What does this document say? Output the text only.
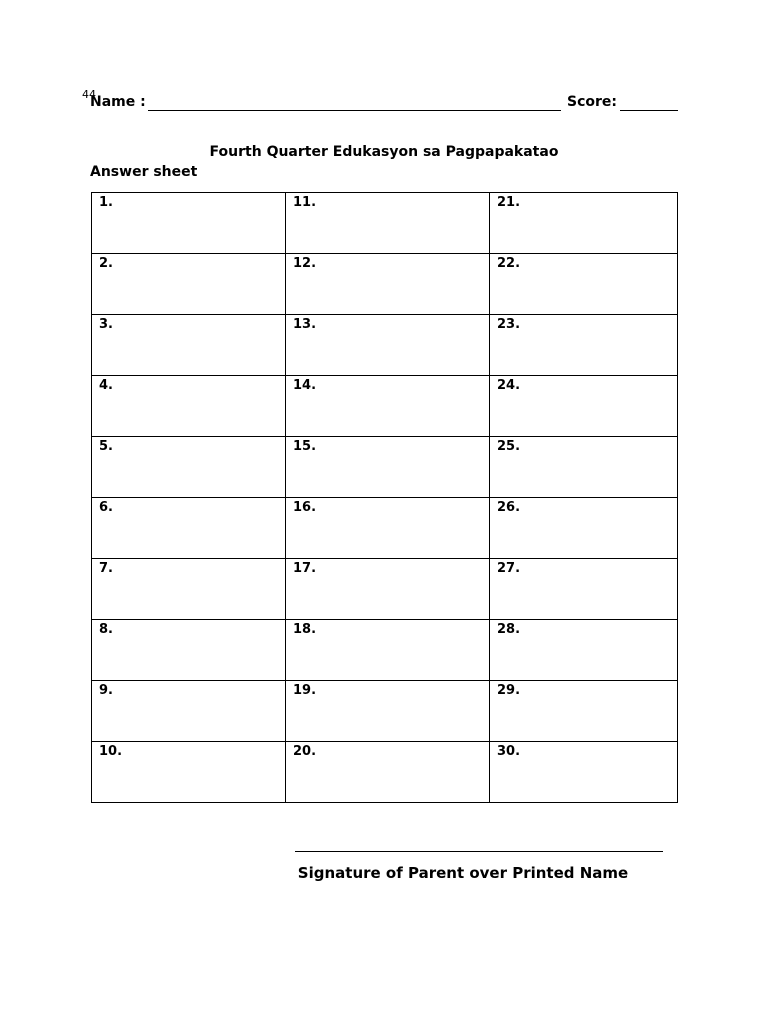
44
Name :	Score:
Fourth Quarter Edukasyon sa Pagpapakatao
Answer sheet
1.	11.	21.
2.	12.	22.
3.	13.	23.
4.	14.	24.
5.	15.	25.
6.	16.	26.
7.	17.	27.
8.	18.	28.
9.	19.	29.
10.	20.	30.
Signature of Parent over Printed Name
